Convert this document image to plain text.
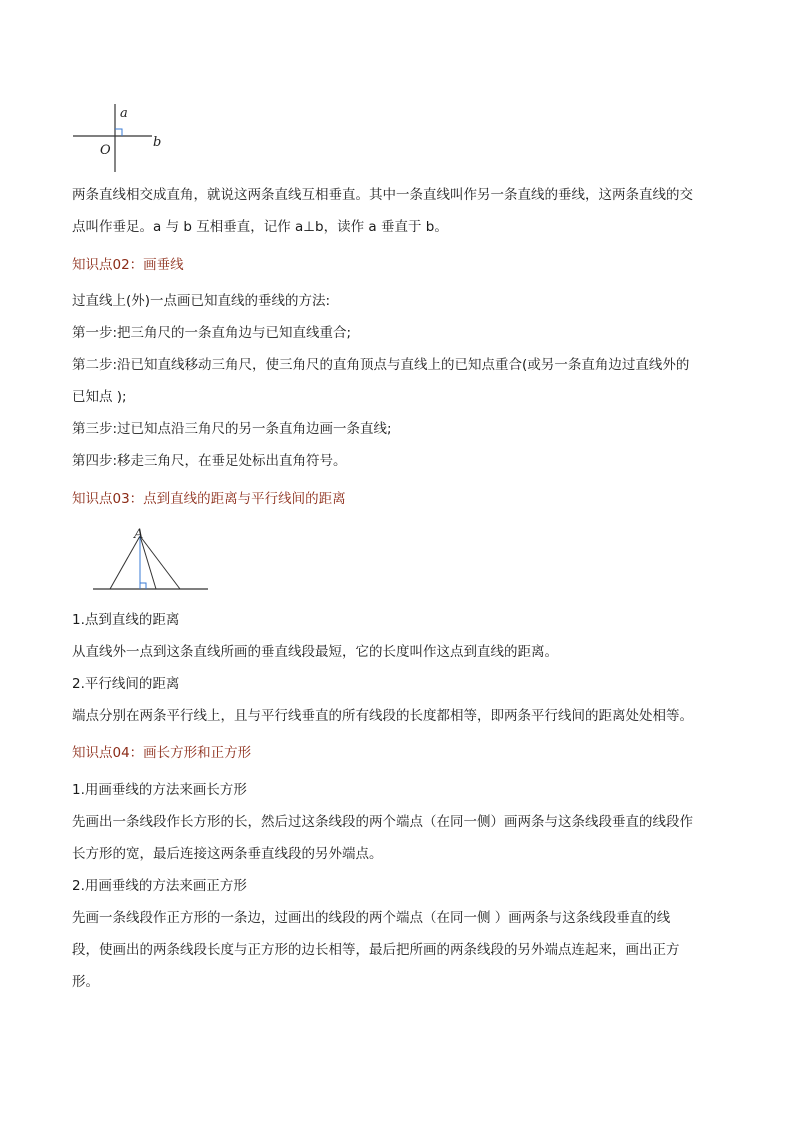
a
b
O
两条直线相交成直角，就说这两条直线互相垂直。其中一条直线叫作另一条直线的垂线，这两条直线的交
点叫作垂足。a 与 b 互相垂直，记作 a⊥b，读作 a 垂直于 b。
知识点02：画垂线
过直线上(外)一点画已知直线的垂线的方法:
第一步:把三角尺的一条直角边与已知直线重合;
第二步:沿已知直线移动三角尺，使三角尺的直角顶点与直线上的已知点重合(或另一条直角边过直线外的
已知点 );
第三步:过已知点沿三角尺的另一条直角边画一条直线;
第四步:移走三角尺，在垂足处标出直角符号。
知识点03：点到直线的距离与平行线间的距离
A
1.点到直线的距离
从直线外一点到这条直线所画的垂直线段最短，它的长度叫作这点到直线的距离。
2.平行线间的距离
端点分别在两条平行线上，且与平行线垂直的所有线段的长度都相等，即两条平行线间的距离处处相等。
知识点04：画长方形和正方形
1.用画垂线的方法来画长方形
先画出一条线段作长方形的长，然后过这条线段的两个端点（在同一侧）画两条与这条线段垂直的线段作
长方形的宽，最后连接这两条垂直线段的另外端点。
2.用画垂线的方法来画正方形
先画一条线段作正方形的一条边，过画出的线段的两个端点（在同一侧 ）画两条与这条线段垂直的线
段，使画出的两条线段长度与正方形的边长相等，最后把所画的两条线段的另外端点连起来，画出正方
形。
